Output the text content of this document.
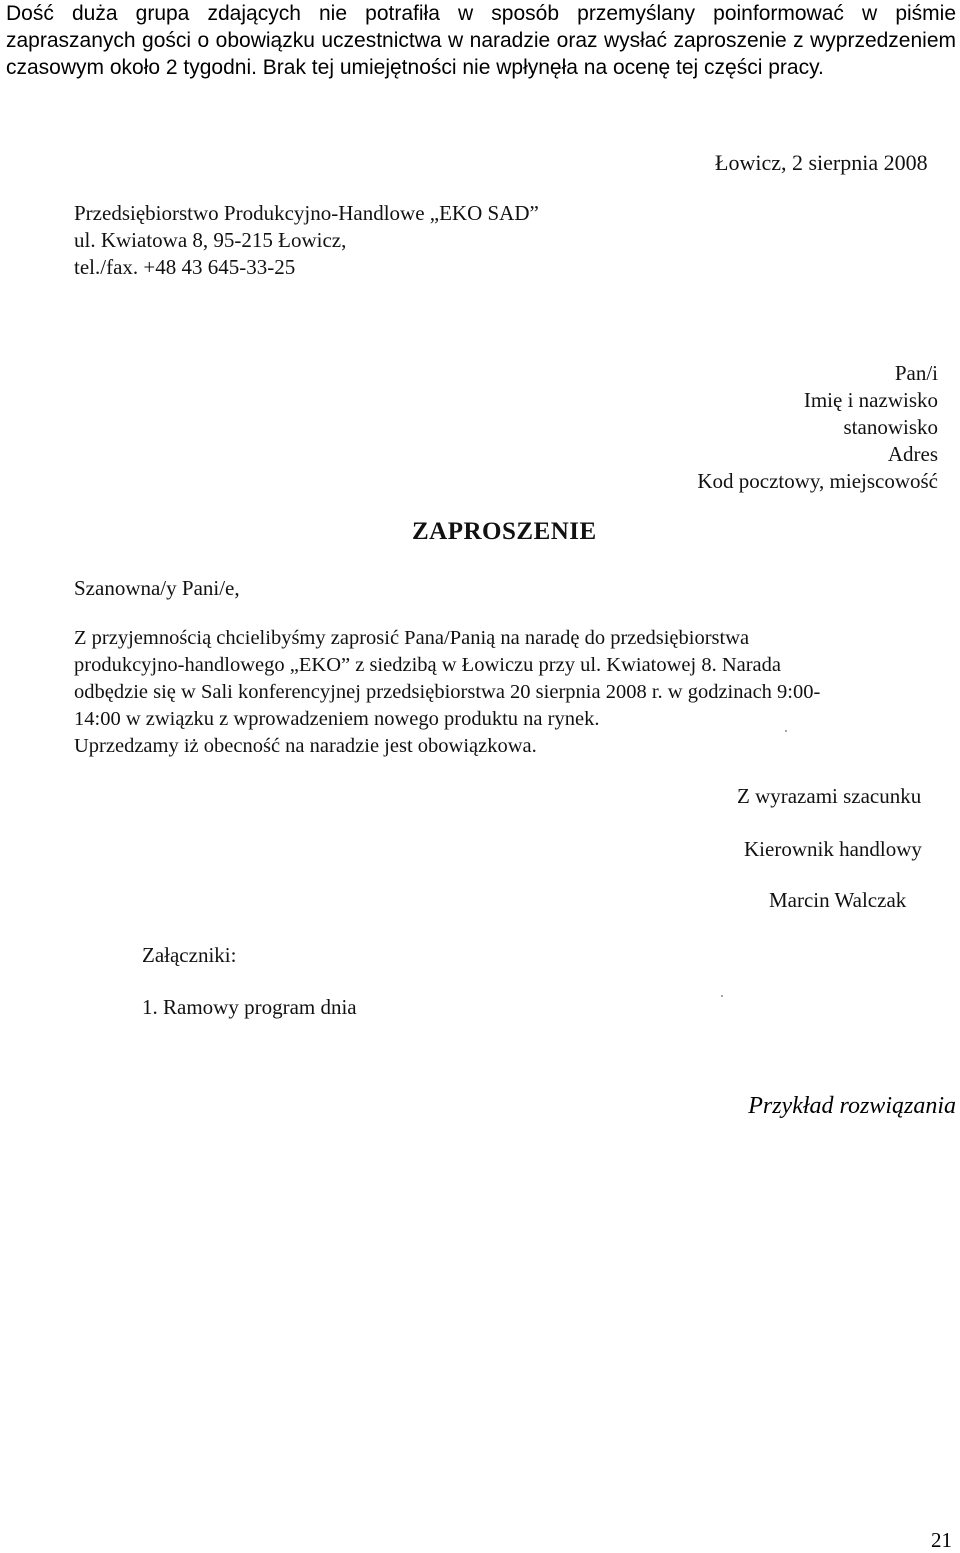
Dość duża grupa zdających nie potrafiła w sposób przemyślany poinformować w piśmie zapraszanych gości o obowiązku uczestnictwa w naradzie oraz wysłać zaproszenie z wyprzedzeniem czasowym około 2 tygodni. Brak tej umiejętności nie wpłynęła na ocenę tej części pracy.

Łowicz, 2 sierpnia 2008
Przedsiębiorstwo Produkcyjno-Handlowe „EKO SAD”
ul. Kwiatowa 8, 95-215 Łowicz,
tel./fax. +48 43 645-33-25
Pan/i
Imię i nazwisko
stanowisko
Adres
Kod pocztowy, miejscowość
ZAPROSZENIE
Szanowna/y Pani/e,
Z przyjemnością chcielibyśmy zaprosić Pana/Panią na naradę do przedsiębiorstwa
produkcyjno-handlowego „EKO” z siedzibą w Łowiczu przy ul. Kwiatowej 8. Narada
odbędzie się w Sali konferencyjnej przedsiębiorstwa 20 sierpnia 2008 r. w godzinach 9:00-
14:00 w związku z wprowadzeniem nowego produktu na rynek.
Uprzedzamy iż obecność na naradzie jest obowiązkowa.
Z wyrazami szacunku
Kierownik handlowy
Marcin Walczak
Załączniki:
1. Ramowy program dnia
Przykład rozwiązania
21
